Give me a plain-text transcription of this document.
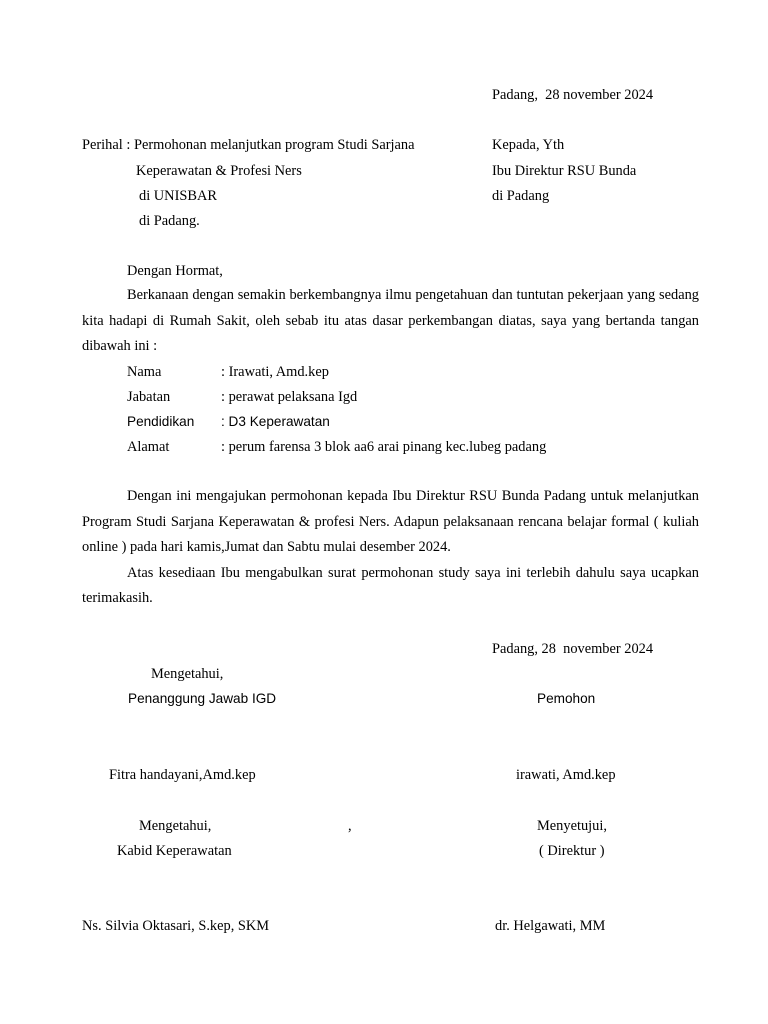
Padang,  28 november 2024
Perihal : Permohonan melanjutkan program Studi Sarjana
Keperawatan & Profesi Ners
di UNISBAR
di Padang.
Kepada, Yth
Ibu Direktur RSU Bunda
di Padang
Dengan Hormat,

Berkanaan dengan semakin berkembangnya ilmu pengetahuan dan tuntutan pekerjaan yang sedang kita hadapi di Rumah Sakit, oleh sebab itu atas dasar perkembangan diatas, saya yang bertanda tangan dibawah ini :

Nama

	: Irawati, Amd.kep

Jabatan

	: perawat pelaksana Igd

Pendidikan

: D3 Keperawatan

Alamat

	: perum farensa 3 blok aa6 arai pinang kec.lubeg padang

Dengan ini mengajukan permohonan kepada Ibu Direktur RSU Bunda Padang untuk melanjutkan Program Studi Sarjana Keperawatan & profesi Ners. Adapun pelaksanaan rencana belajar formal ( kuliah online ) pada hari kamis,Jumat dan Sabtu mulai desember 2024.

Atas kesediaan Ibu mengabulkan surat permohonan study saya ini terlebih dahulu saya ucapkan terimakasih.

Padang, 28  november 2024
Mengetahui,
Penanggung Jawab IGD	Pemohon
Fitra handayani,Amd.kep	irawati, Amd.kep
Mengetahui,	,	Menyetujui,
Kabid Keperawatan	( Direktur )
Ns. Silvia Oktasari, S.kep, SKM	dr. Helgawati, MM
